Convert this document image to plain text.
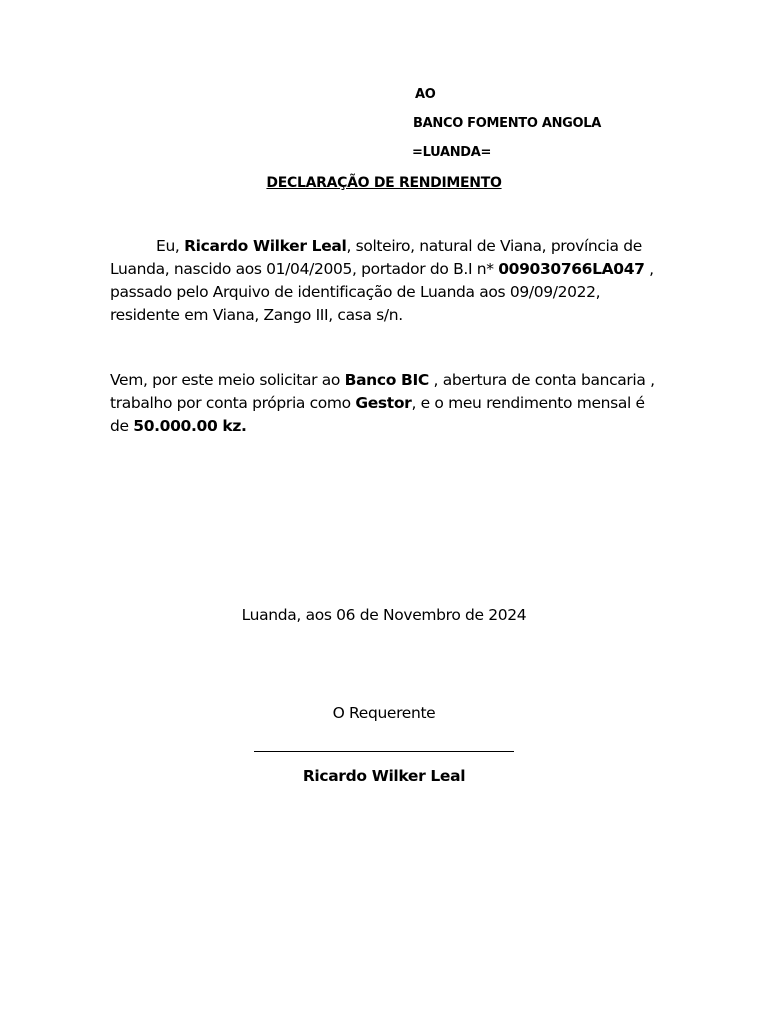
AO
BANCO FOMENTO ANGOLA
=LUANDA=
DECLARAÇÃO DE RENDIMENTO

Eu, Ricardo Wilker Leal, solteiro, natural de Viana, província de Luanda, nascido aos 01/04/2005, portador do B.I n* 009030766LA047 , passado pelo Arquivo de identificação de Luanda aos 09/09/2022, residente em Viana, Zango III, casa s/n.

Vem, por este meio solicitar ao Banco BIC , abertura de conta bancaria , trabalho por conta própria como Gestor, e o meu rendimento mensal é de 50.000.00 kz.

Luanda, aos 06 de Novembro de 2024
O Requerente
Ricardo Wilker Leal
